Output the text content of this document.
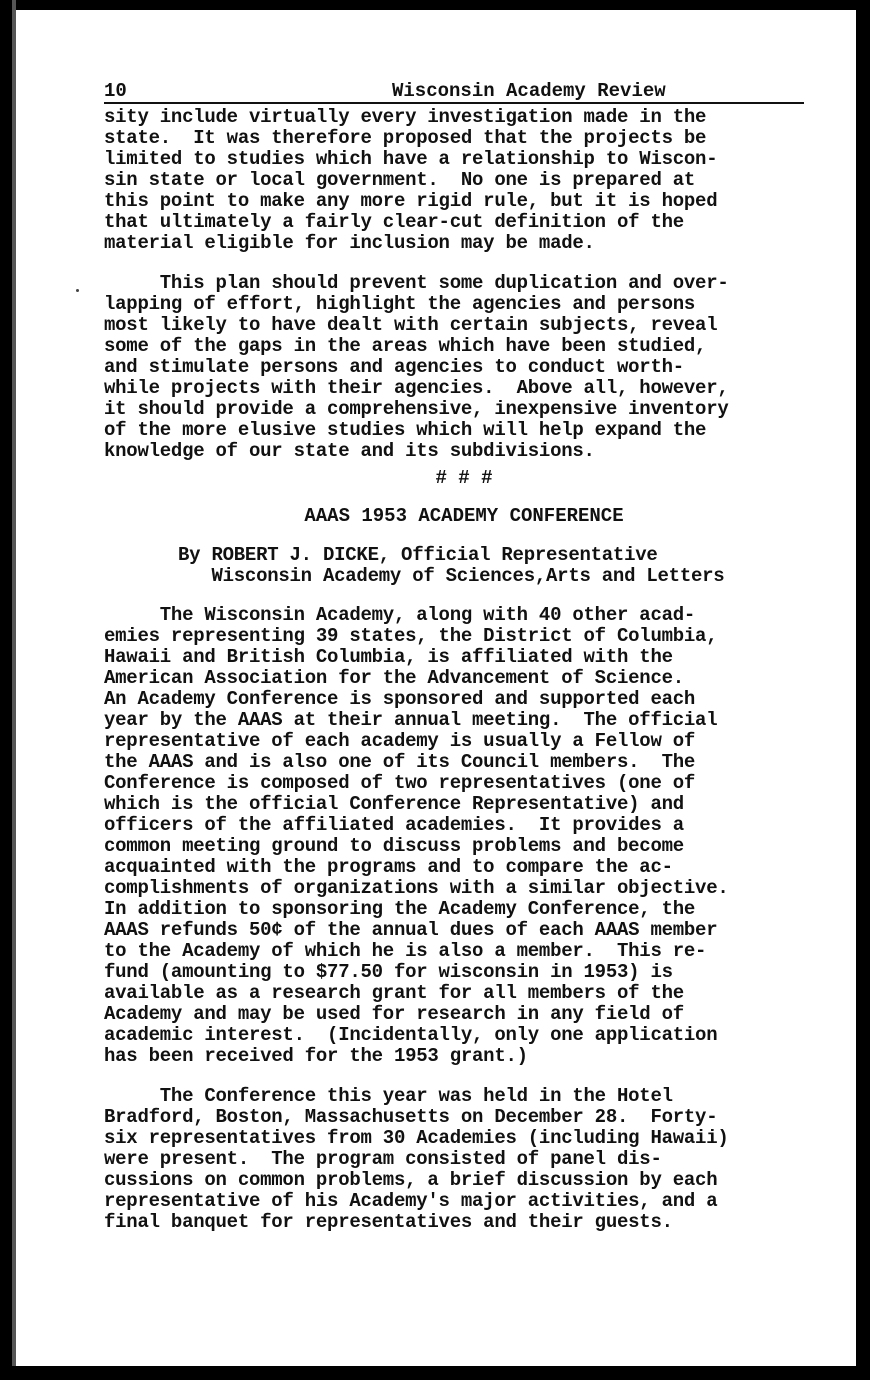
10	Wisconsin Academy Review

sity include virtually every investigation made in the
state.  It was therefore proposed that the projects be
limited to studies which have a relationship to Wiscon-
sin state or local government.  No one is prepared at
this point to make any more rigid rule, but it is hoped
that ultimately a fairly clear-cut definition of the
material eligible for inclusion may be made.

This plan should prevent some duplication and over-
lapping of effort, highlight the agencies and persons
most likely to have dealt with certain subjects, reveal
some of the gaps in the areas which have been studied,
and stimulate persons and agencies to conduct worth-
while projects with their agencies.  Above all, however,
it should provide a comprehensive, inexpensive inventory
of the more elusive studies which will help expand the
knowledge of our state and its subdivisions.

# # #
AAAS 1953 ACADEMY CONFERENCE

By ROBERT J. DICKE, Official Representative
Wisconsin Academy of Sciences,Arts and Letters

The Wisconsin Academy, along with 40 other acad-
emies representing 39 states, the District of Columbia,
Hawaii and British Columbia, is affiliated with the
American Association for the Advancement of Science.
An Academy Conference is sponsored and supported each
year by the AAAS at their annual meeting.  The official
representative of each academy is usually a Fellow of
the AAAS and is also one of its Council members.  The
Conference is composed of two representatives (one of
which is the official Conference Representative) and
officers of the affiliated academies.  It provides a
common meeting ground to discuss problems and become
acquainted with the programs and to compare the ac-
complishments of organizations with a similar objective.
In addition to sponsoring the Academy Conference, the
AAAS refunds 50¢ of the annual dues of each AAAS member
to the Academy of which he is also a member.  This re-
fund (amounting to $77.50 for wisconsin in 1953) is
available as a research grant for all members of the
Academy and may be used for research in any field of
academic interest.  (Incidentally, only one application
has been received for the 1953 grant.)

The Conference this year was held in the Hotel
Bradford, Boston, Massachusetts on December 28.  Forty-
six representatives from 30 Academies (including Hawaii)
were present.  The program consisted of panel dis-
cussions on common problems, a brief discussion by each
representative of his Academy's major activities, and a
final banquet for representatives and their guests.
